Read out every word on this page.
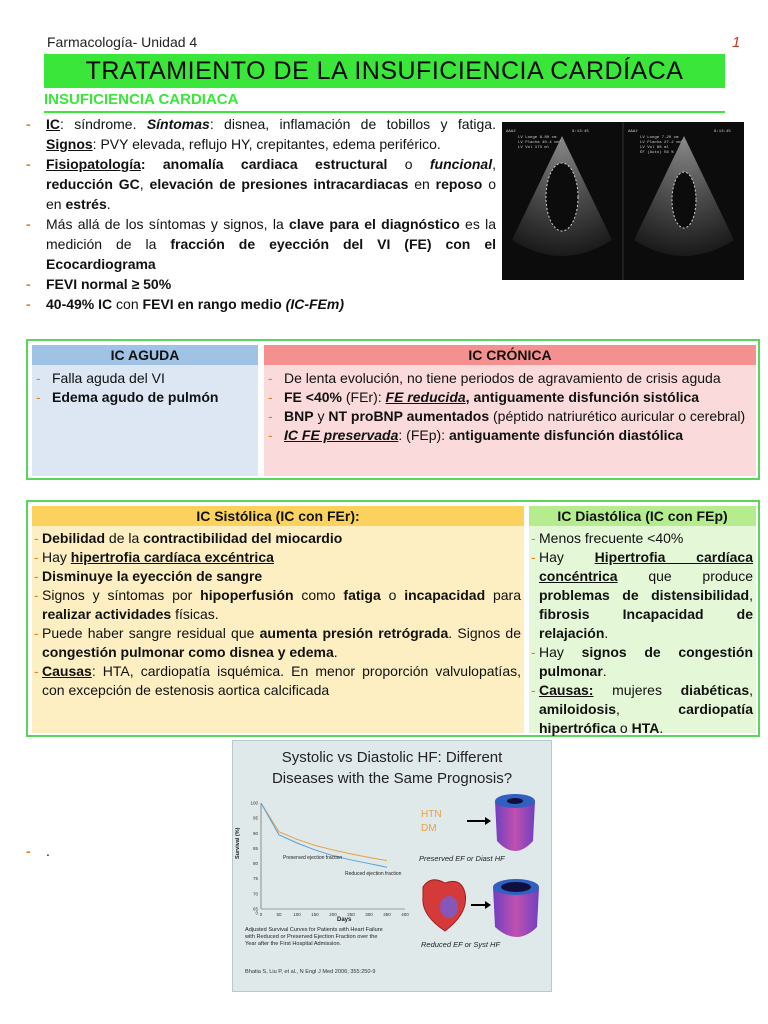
Farmacología- Unidad 4	1
TRATAMIENTO DE LA INSUFICIENCIA CARDÍACA
INSUFICIENCIA CARDIACA
- IC: síndrome. Síntomas: disnea, inflamación de tobillos y fatiga. Signos: PVY elevada, reflujo HY, crepitantes, edema periférico.
- Fisiopatología: anomalía cardiaca estructural o funcional, reducción GC, elevación de presiones intracardiacas en reposo o en estrés.
- Más allá de los síntomas y signos, la clave para el diagnóstico es la medición de la fracción de eyección del VI (FE) con el Ecocardiograma
- FEVI normal ≥ 50%
- 40-49% IC con FEVI en rango medio (IC-FEm)
AAA2	9:13:45
LV Longe 8.80 cm
LV Placha 40.4 cm²
LV Vol 173 ml
AAA2	8:13:45
LV Longe 7.20 cm
LV Placha 27.2 cm²
LV Vol 88 ml
EF (Auto) 56 %
IC AGUDA
- Falla aguda del VI
- Edema agudo de pulmón
IC CRÓNICA
- De lenta evolución, no tiene periodos de agravamiento de crisis aguda
- FE <40% (FEr): FE reducida, antiguamente disfunción sistólica
- BNP y NT proBNP aumentados (péptido natriurético auricular o cerebral)
- IC FE preservada: (FEp): antiguamente disfunción diastólica
IC Sistólica (IC con FEr):
- Debilidad de la contractibilidad del miocardio
- Hay hipertrofia cardíaca excéntrica
- Disminuye la eyección de sangre
- Signos y síntomas por hipoperfusión como fatiga o incapacidad para realizar actividades físicas.
- Puede haber sangre residual que aumenta presión retrógrada. Signos de congestión pulmonar como disnea y edema.
- Causas: HTA, cardiopatía isquémica. En menor proporción valvulopatías, con excepción de estenosis aortica calcificada
IC Diastólica (IC con FEp)
- Menos frecuente <40%
- Hay Hipertrofia cardíaca concéntrica que produce problemas de distensibilidad, fibrosis Incapacidad de relajación.
- Hay signos de congestión pulmonar.
- Causas: mujeres diabéticas, amiloidosis, cardiopatía hipertrófica o HTA.
Systolic vs Diastolic HF: Different
Diseases with the Same Prognosis?
100
95
90
85
80
75
70
65
0 0	50	100 150 200 250 300 350 400
Preserved ejection fraction
Reduced ejection fraction
Days
Survival (%)
Adjusted Survival Curves for Patients with Heart Failure
with Reduced or Preserved Ejection Fraction over the
Year after the First Hospital Admission.
Bhatia S, Liu P, et al., N Engl J Med 2006; 355:250-9
HTN
DM
Preserved EF or Diast HF
Reduced EF or Syst HF
- .
